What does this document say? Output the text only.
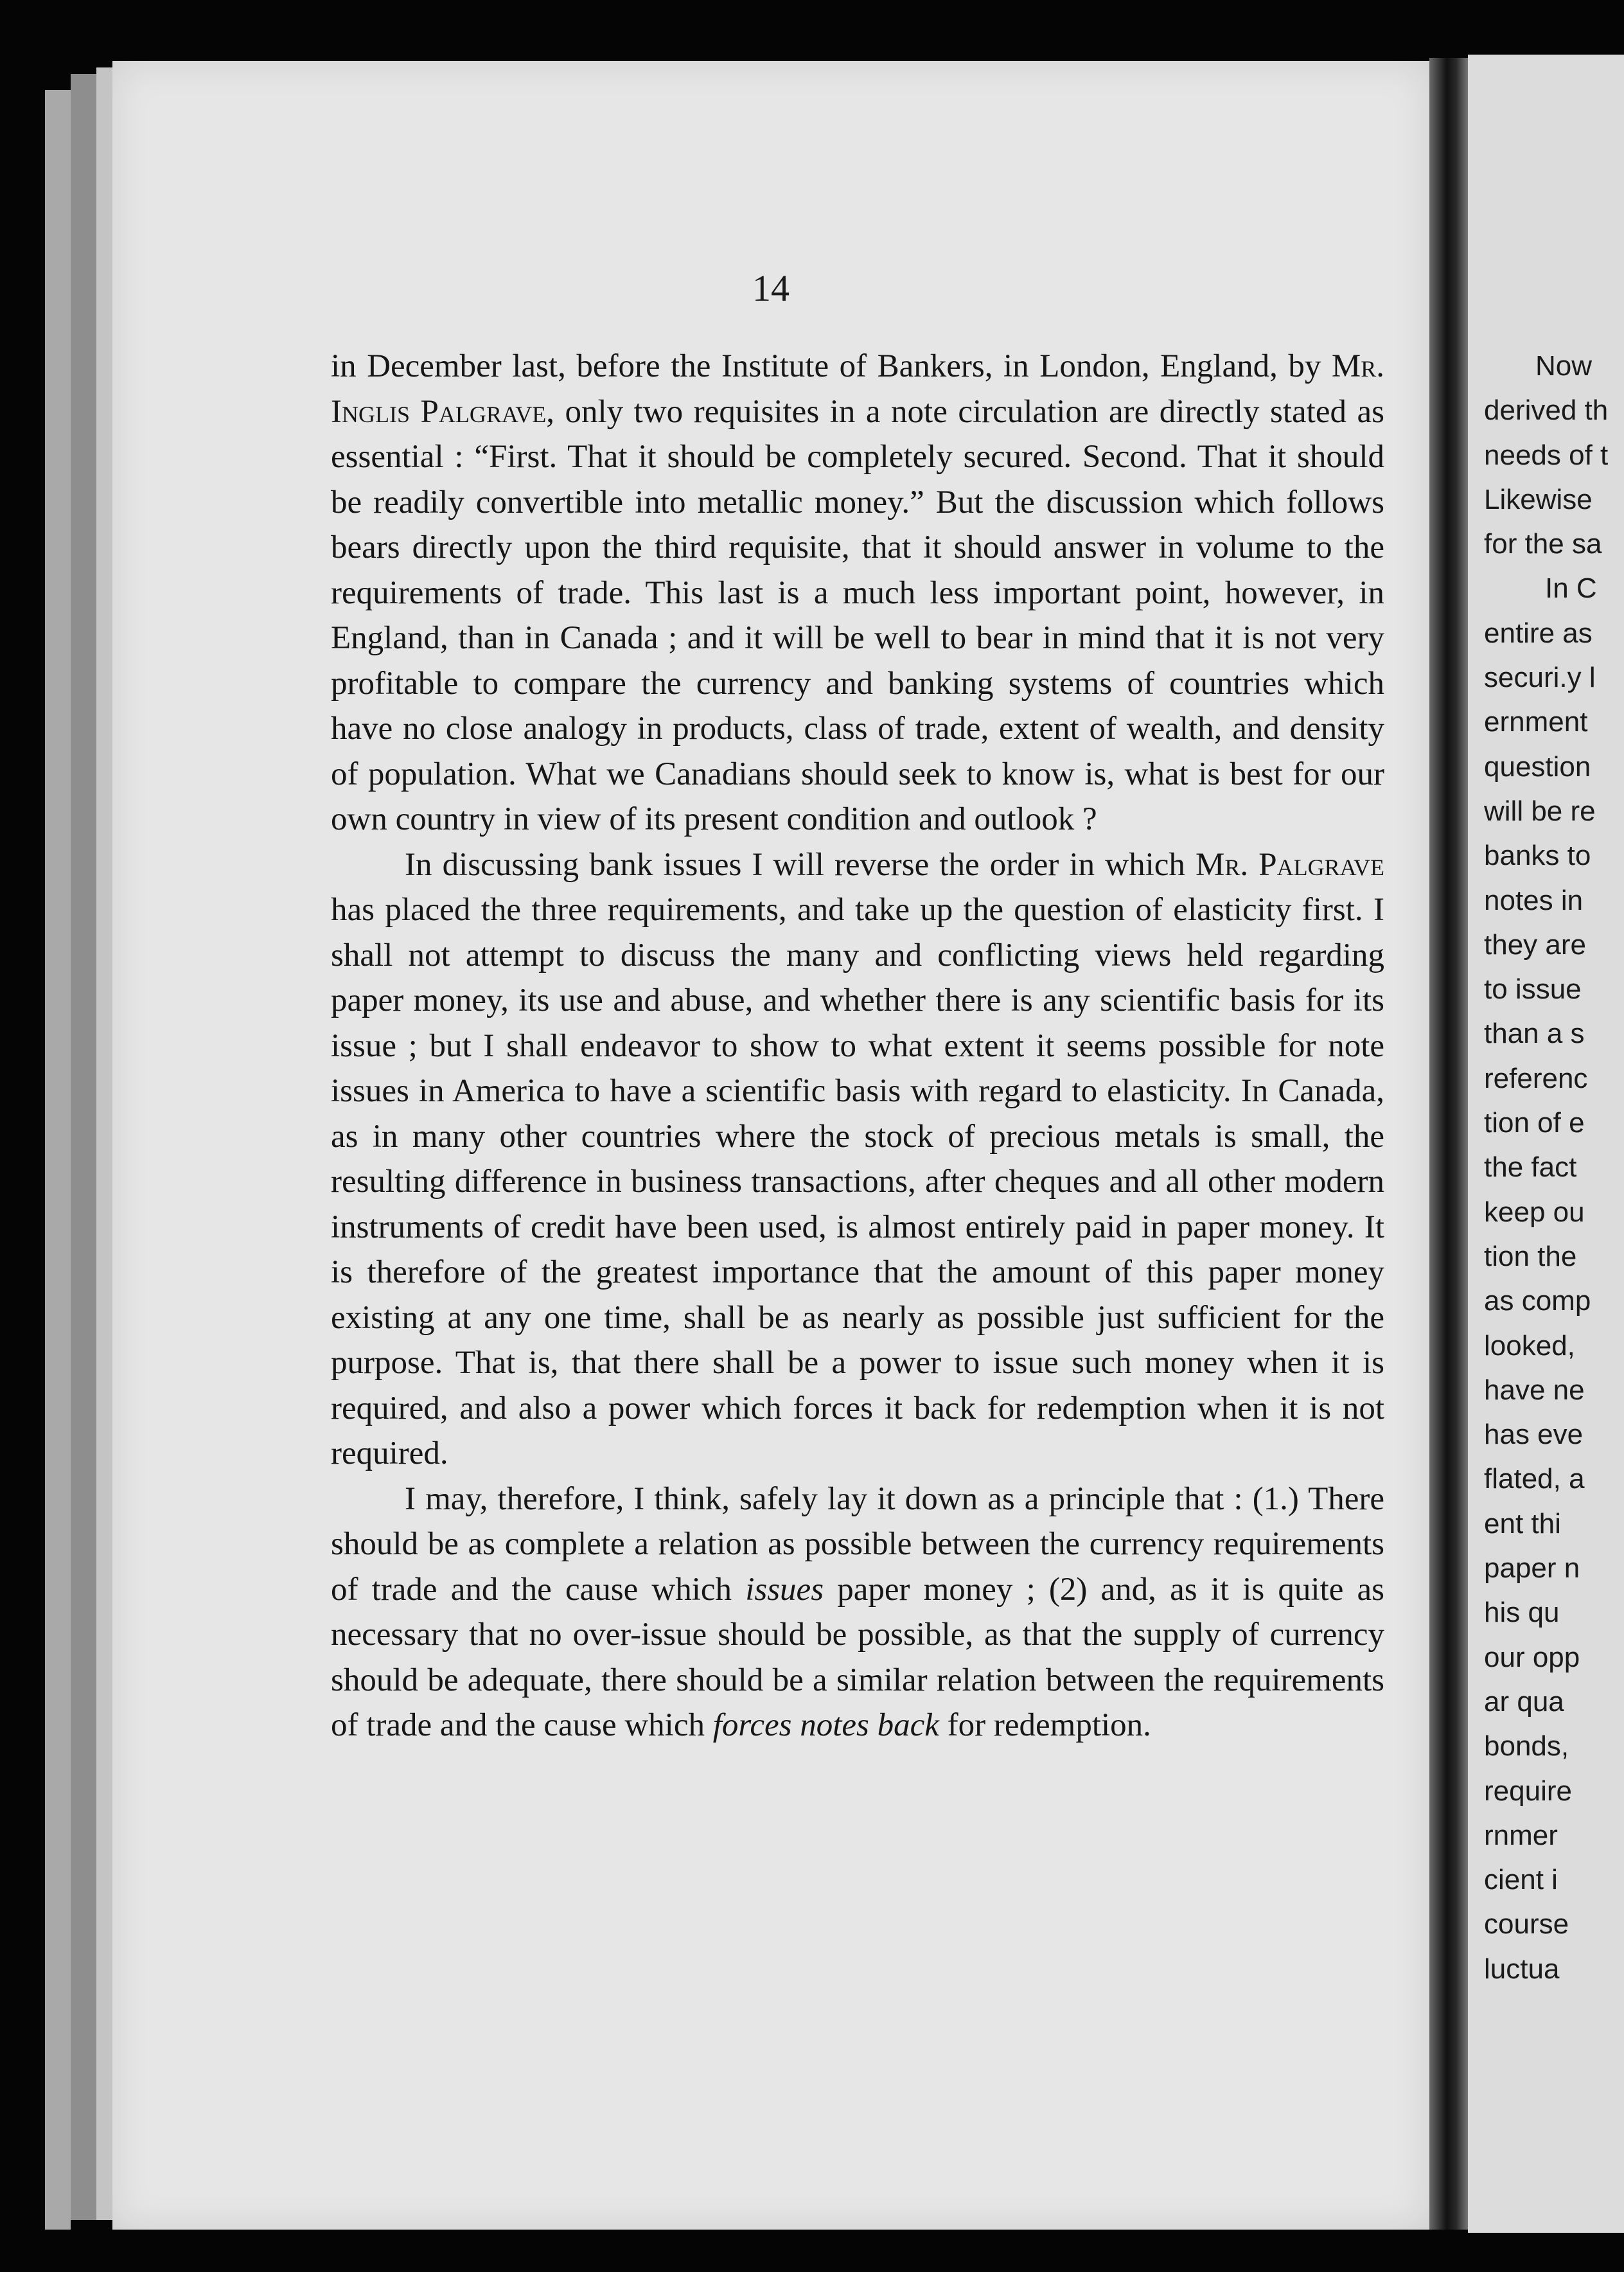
14

in December last, before the Institute of Bankers, in London, England, by Mr. Inglis Palgrave, only two requisites in a note circulation are directly stated as essential : “First. That it should be completely secured. Second. That it should be readily convertible into metallic money.” But the discussion which follows bears directly upon the third requisite, that it should answer in volume to the requirements of trade. This last is a much less important point, however, in England, than in Canada ; and it will be well to bear in mind that it is not very profitable to compare the currency and banking systems of countries which have no close analogy in products, class of trade, extent of wealth, and density of population. What we Canadians should seek to know is, what is best for our own country in view of its present condition and outlook ?

In discussing bank issues I will reverse the order in which Mr. Palgrave has placed the three requirements, and take up the question of elasticity first. I shall not attempt to discuss the many and conflicting views held regarding paper money, its use and abuse, and whether there is any scientific basis for its issue ; but I shall endeavor to show to what extent it seems possible for note issues in America to have a scientific basis with regard to elasticity. In Canada, as in many other countries where the stock of precious metals is small, the resulting difference in business transactions, after cheques and all other modern instruments of credit have been used, is almost entirely paid in paper money. It is therefore of the greatest importance that the amount of this paper money existing at any one time, shall be as nearly as possible just sufficient for the purpose. That is, that there shall be a power to issue such money when it is required, and also a power which forces it back for redemption when it is not required.

I may, therefore, I think, safely lay it down as a principle that : (1.) There should be as complete a relation as possible between the currency requirements of trade and the cause which issues paper money ; (2) and, as it is quite as necessary that no over-issue should be possible, as that the supply of currency should be adequate, there should be a similar relation between the requirements of trade and the cause which forces notes back for redemption.

Now
derived th
needs of t
Likewise
for the sa
In C
entire as
securi.y l
ernment
question
will be re
banks to
notes in
they are
to issue
than a s
referenc
tion of e
the fact
keep ou
tion the
as comp
looked,
have ne
has eve
flated, a
ent thi
paper n
his qu
our opp
ar qua
bonds,
require
rnmer
cient i
course
luctua
